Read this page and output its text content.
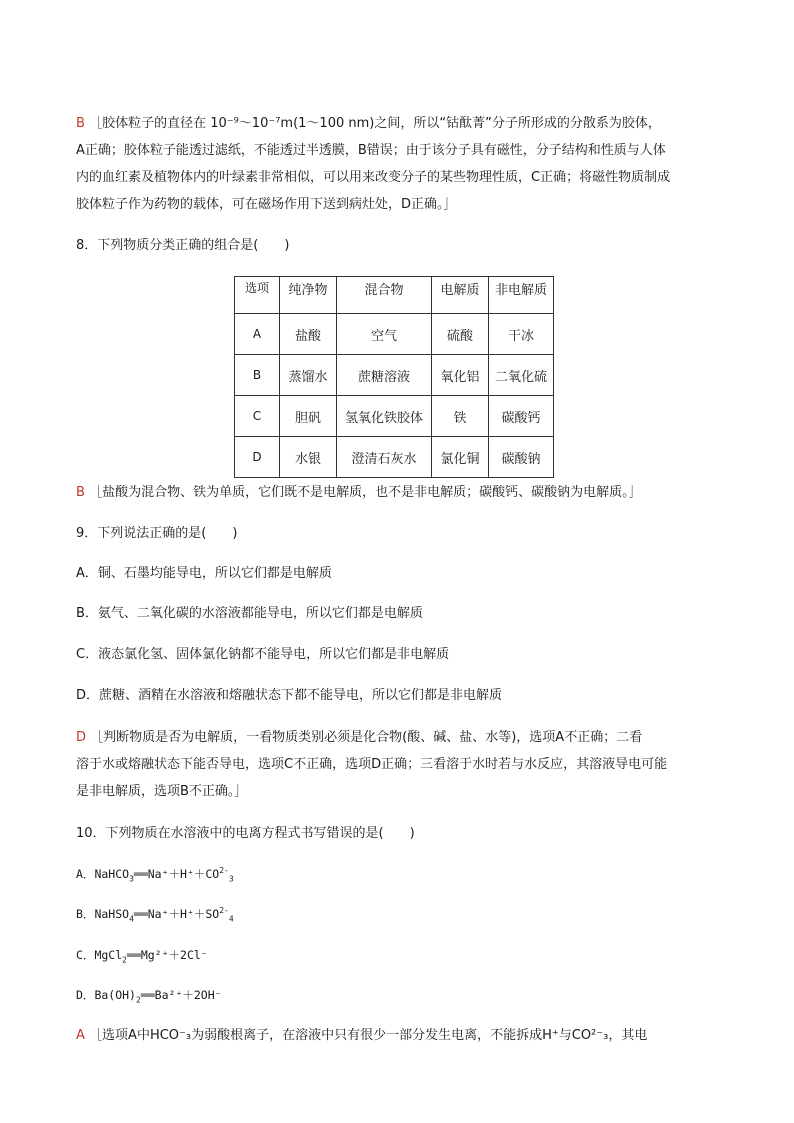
B ［胶体粒子的直径在 10⁻⁹～10⁻⁷m(1～100 nm)之间，所以“钴酞菁”分子所形成的分散系为胶体，
A正确；胶体粒子能透过滤纸，不能透过半透膜，B错误；由于该分子具有磁性，分子结构和性质与人体
内的血红素及植物体内的叶绿素非常相似，可以用来改变分子的某些物理性质，C正确；将磁性物质制成
胶体粒子作为药物的载体，可在磁场作用下送到病灶处，D正确。］
8．下列物质分类正确的组合是(　　)
选项	纯净物	混合物	电解质	非电解质
A	盐酸	空气	硫酸	干冰
B	蒸馏水	蔗糖溶液	氧化铝	二氧化硫
C	胆矾	氢氧化铁胶体	铁	碳酸钙
D	水银	澄清石灰水	氯化铜	碳酸钠
B ［盐酸为混合物、铁为单质，它们既不是电解质，也不是非电解质；碳酸钙、碳酸钠为电解质。］
9．下列说法正确的是(　　)
A．铜、石墨均能导电，所以它们都是电解质
B．氨气、二氧化碳的水溶液都能导电，所以它们都是电解质
C．液态氯化氢、固体氯化钠都不能导电，所以它们都是非电解质
D．蔗糖、酒精在水溶液和熔融状态下都不能导电，所以它们都是非电解质
D ［判断物质是否为电解质，一看物质类别必须是化合物(酸、碱、盐、水等)，选项A不正确；二看
溶于水或熔融状态下能否导电，选项C不正确，选项D正确；三看溶于水时若与水反应，其溶液导电可能
是非电解质，选项B不正确。］
10．下列物质在水溶液中的电离方程式书写错误的是(　　)
A．$NaHCO_3══Na^++H^++CO^{2-}_3$
B．$NaHSO_4══Na^++H^++SO^{2-}_4$
C．MgCl$_2$══Mg²⁺＋2Cl⁻
D．$Ba(OH)_2══Ba^{2+}+2OH^-$
A ［选项A中HCO⁻₃为弱酸根离子，在溶液中只有很少一部分发生电离，不能拆成H⁺与CO²⁻₃，其电
